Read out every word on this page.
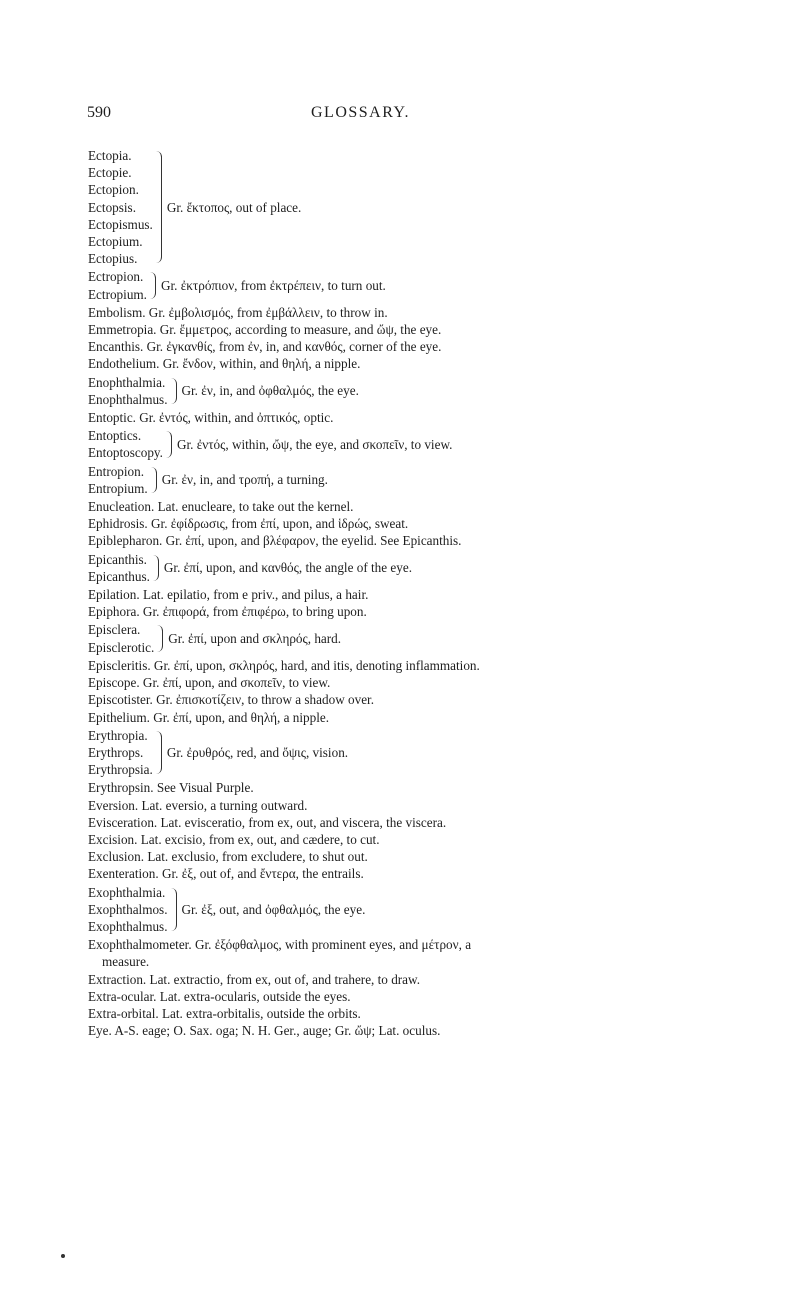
590	GLOSSARY.
Ectopia.
Ectopie.
Ectopion.
Ectopsis.
Ectopismus.
Ectopium.
Ectopius.
Gr. ἔκτοπος, out of place.
Ectropion.
Ectropium.
Gr. ἐκτρόπιον, from ἐκτρέπειν, to turn out.
Embolism. Gr. ἐμβολισμός, from ἐμβάλλειν, to throw in.
Emmetropia. Gr. ἔμμετρος, according to measure, and ὤψ, the eye.
Encanthis. Gr. ἐγκανθίς, from ἐν, in, and κανθός, corner of the eye.
Endothelium. Gr. ἔνδον, within, and θηλή, a nipple.
Enophthalmia.
Enophthalmus.
Gr. ἐν, in, and ὀφθαλμός, the eye.
Entoptic. Gr. ἐντός, within, and ὀπτικός, optic.
Entoptics.
Entoptoscopy.
Gr. ἐντός, within, ὤψ, the eye, and σκοπεῖν, to view.
Entropion.
Entropium.
Gr. ἐν, in, and τροπή, a turning.
Enucleation. Lat. enucleare, to take out the kernel.
Ephidrosis. Gr. ἐφίδρωσις, from ἐπί, upon, and ἱδρώς, sweat.
Epiblepharon. Gr. ἐπί, upon, and βλέφαρον, the eyelid. See Epicanthis.
Epicanthis.
Epicanthus.
Gr. ἐπί, upon, and κανθός, the angle of the eye.
Epilation. Lat. epilatio, from e priv., and pilus, a hair.
Epiphora. Gr. ἐπιφορά, from ἐπιφέρω, to bring upon.
Episclera.
Episclerotic.
Gr. ἐπί, upon and σκληρός, hard.
Episcleritis. Gr. ἐπί, upon, σκληρός, hard, and itis, denoting inflammation.
Episcope. Gr. ἐπί, upon, and σκοπεῖν, to view.
Episcotister. Gr. ἐπισκοτίζειν, to throw a shadow over.
Epithelium. Gr. ἐπί, upon, and θηλή, a nipple.
Erythropia.
Erythrops.
Erythropsia.
Gr. ἐρυθρός, red, and ὄψις, vision.
Erythropsin. See Visual Purple.
Eversion. Lat. eversio, a turning outward.
Evisceration. Lat. evisceratio, from ex, out, and viscera, the viscera.
Excision. Lat. excisio, from ex, out, and cædere, to cut.
Exclusion. Lat. exclusio, from excludere, to shut out.
Exenteration. Gr. ἐξ, out of, and ἔντερα, the entrails.
Exophthalmia.
Exophthalmos.
Exophthalmus.
Gr. ἐξ, out, and ὀφθαλμός, the eye.
Exophthalmometer. Gr. ἐξόφθαλμος, with prominent eyes, and μέτρον, a
measure.
Extraction. Lat. extractio, from ex, out of, and trahere, to draw.
Extra-ocular. Lat. extra-ocularis, outside the eyes.
Extra-orbital. Lat. extra-orbitalis, outside the orbits.
Eye. A-S. eage; O. Sax. oga; N. H. Ger., auge; Gr. ὤψ; Lat. oculus.
